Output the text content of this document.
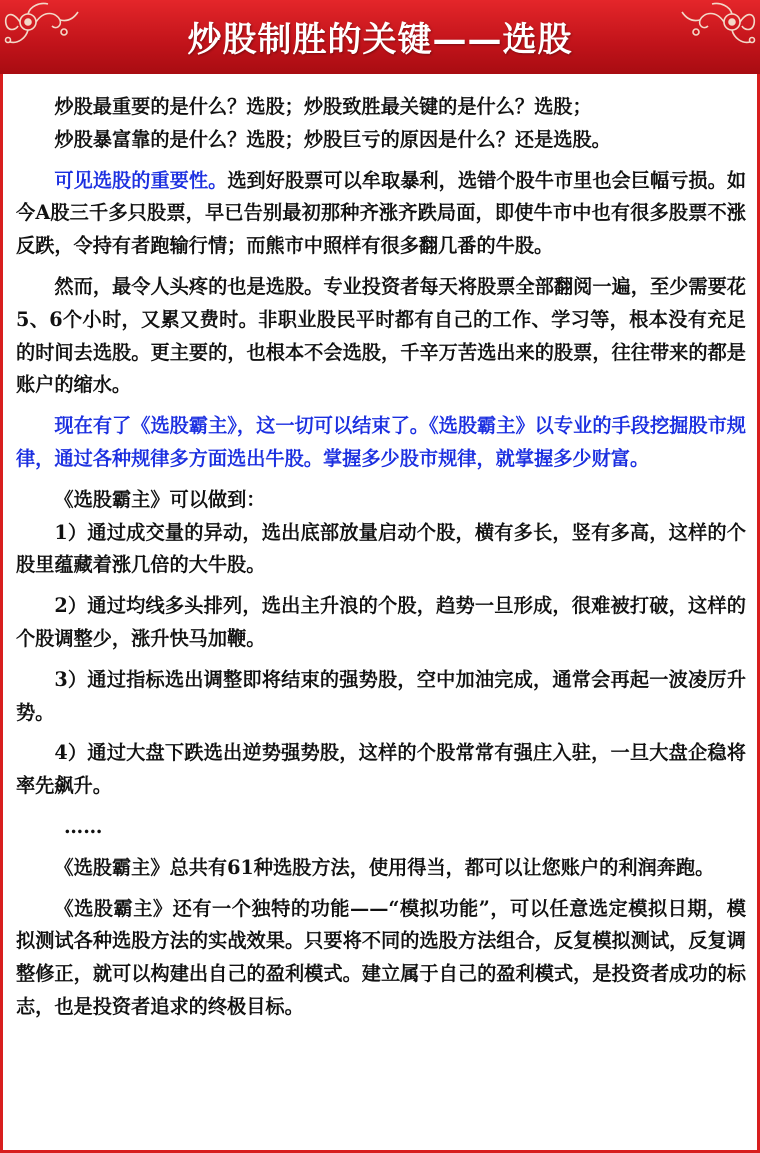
炒股制胜的关键——选股

炒股最重要的是什么？选股；炒股致胜最关键的是什么？选股；

炒股暴富靠的是什么？选股；炒股巨亏的原因是什么？还是选股。

可见选股的重要性。选到好股票可以牟取暴利，选错个股牛市里也会巨幅亏损。如今A股三千多只股票，早已告别最初那种齐涨齐跌局面，即使牛市中也有很多股票不涨反跌，令持有者跑输行情；而熊市中照样有很多翻几番的牛股。

然而，最令人头疼的也是选股。专业投资者每天将股票全部翻阅一遍，至少需要花5、6个小时，又累又费时。非职业股民平时都有自己的工作、学习等，根本没有充足的时间去选股。更主要的，也根本不会选股，千辛万苦选出来的股票，往往带来的都是账户的缩水。

现在有了《选股霸主》，这一切可以结束了。《选股霸主》以专业的手段挖掘股市规律，通过各种规律多方面选出牛股。掌握多少股市规律，就掌握多少财富。

《选股霸主》可以做到：

1）通过成交量的异动，选出底部放量启动个股，横有多长，竖有多高，这样的个股里蕴藏着涨几倍的大牛股。

2）通过均线多头排列，选出主升浪的个股，趋势一旦形成，很难被打破，这样的个股调整少，涨升快马加鞭。

3）通过指标选出调整即将结束的强势股，空中加油完成，通常会再起一波凌厉升势。

4）通过大盘下跌选出逆势强势股，这样的个股常常有强庄入驻，一旦大盘企稳将率先飙升。

……

《选股霸主》总共有61种选股方法，使用得当，都可以让您账户的利润奔跑。

《选股霸主》还有一个独特的功能——“模拟功能”，可以任意选定模拟日期，模拟测试各种选股方法的实战效果。只要将不同的选股方法组合，反复模拟测试，反复调整修正，就可以构建出自己的盈利模式。建立属于自己的盈利模式，是投资者成功的标志，也是投资者追求的终极目标。
